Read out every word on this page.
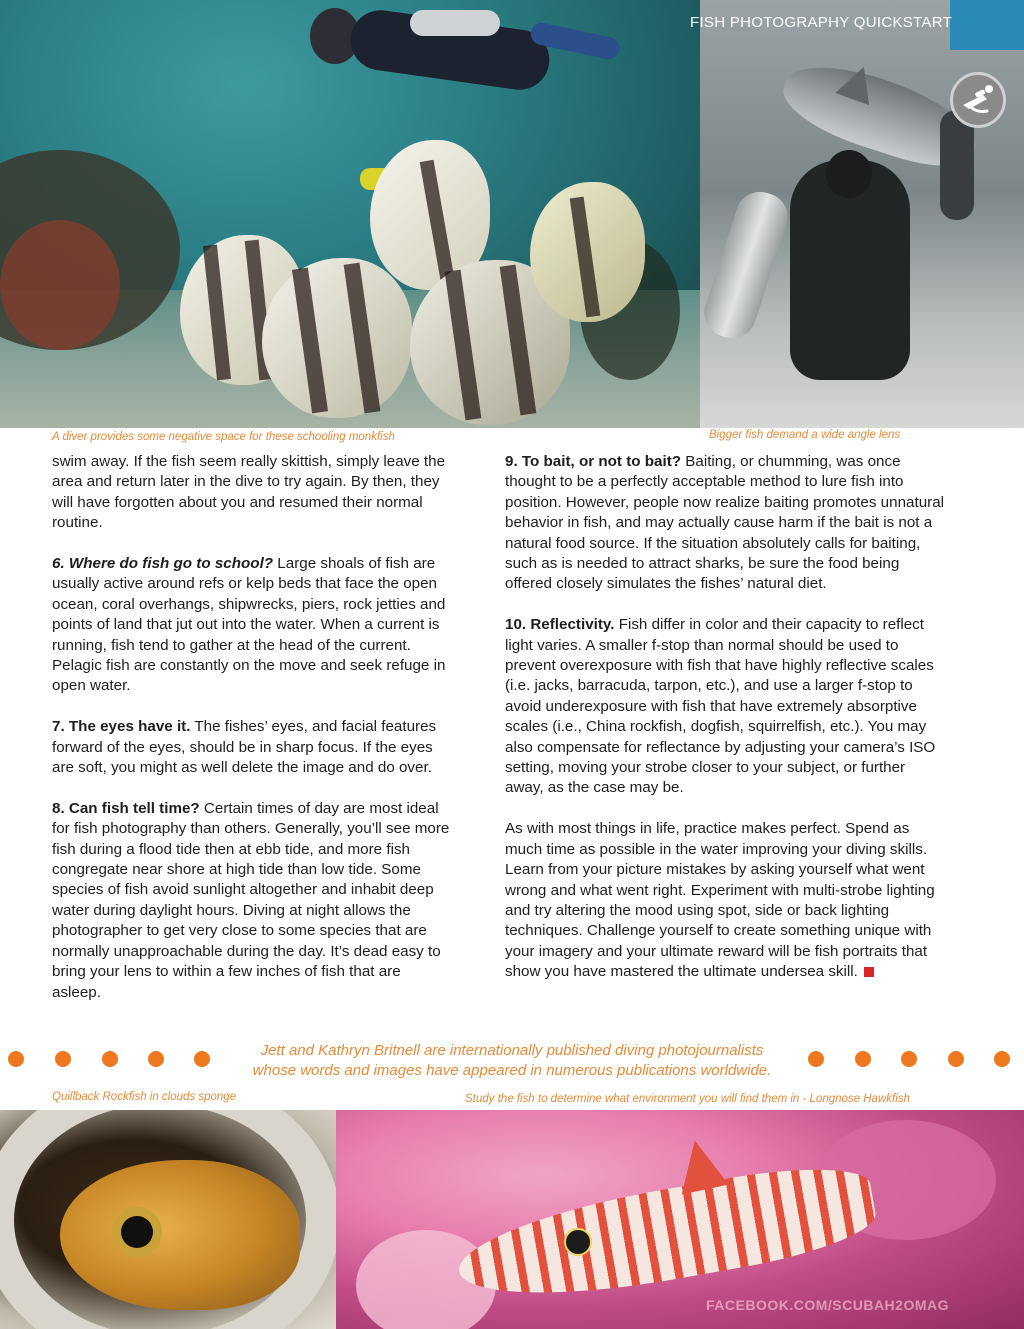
FISH PHOTOGRAPHY QUICKSTART
A diver provides some negative space for these schooling monkfish	Bigger fish demand a wide angle lens

swim away. If the fish seem really skittish, simply leave the area and return later in the dive to try again. By then, they will have forgotten about you and resumed their normal routine.

6. Where do fish go to school? Large shoals of fish are usually active around refs or kelp beds that face the open ocean, coral overhangs, shipwrecks, piers, rock jetties and points of land that jut out into the water. When a current is running, fish tend to gather at the head of the current. Pelagic fish are constantly on the move and seek refuge in open water.

7. The eyes have it. The fishes’ eyes, and facial features forward of the eyes, should be in sharp focus. If the eyes are soft, you might as well delete the image and do over.

8. Can fish tell time? Certain times of day are most ideal for fish photography than others. Generally, you’ll see more fish during a flood tide then at ebb tide, and more fish congregate near shore at high tide than low tide. Some species of fish avoid sunlight altogether and inhabit deep water during daylight hours. Diving at night allows the photographer to get very close to some species that are normally unapproachable during the day. It’s dead easy to bring your lens to within a few inches of fish that are asleep.

9. To bait, or not to bait? Baiting, or chumming, was once thought to be a perfectly acceptable method to lure fish into position. However, people now realize baiting promotes unnatural behavior in fish, and may actually cause harm if the bait is not a natural food source. If the situation absolutely calls for baiting, such as is needed to attract sharks, be sure the food being offered closely simulates the fishes’ natural diet.

10. Reflectivity. Fish differ in color and their capacity to reflect light varies. A smaller f-stop than normal should be used to prevent overexposure with fish that have highly reflective scales (i.e. jacks, barracuda, tarpon, etc.), and use a larger f-stop to avoid underexposure with fish that have extremely absorptive scales (i.e., China rockfish, dogfish, squirrelfish, etc.). You may also compensate for reflectance by adjusting your camera’s ISO setting, moving your strobe closer to your subject, or further away, as the case may be.

As with most things in life, practice makes perfect. Spend as much time as possible in the water improving your diving skills. Learn from your picture mistakes by asking yourself what went wrong and what went right. Experiment with multi-strobe lighting and try altering the mood using spot, side or back lighting techniques. Challenge yourself to create something unique with your imagery and your ultimate reward will be fish portraits that show you have mastered the ultimate undersea skill.

Jett and Kathryn Britnell are internationally published diving photojournalists
whose words and images have appeared in numerous publications worldwide.
Quillback Rockfish in clouds sponge	Study the fish to determine what environment you will find them in - Longnose Hawkfish
FACEBOOK.COM/SCUBAH2OMAG
